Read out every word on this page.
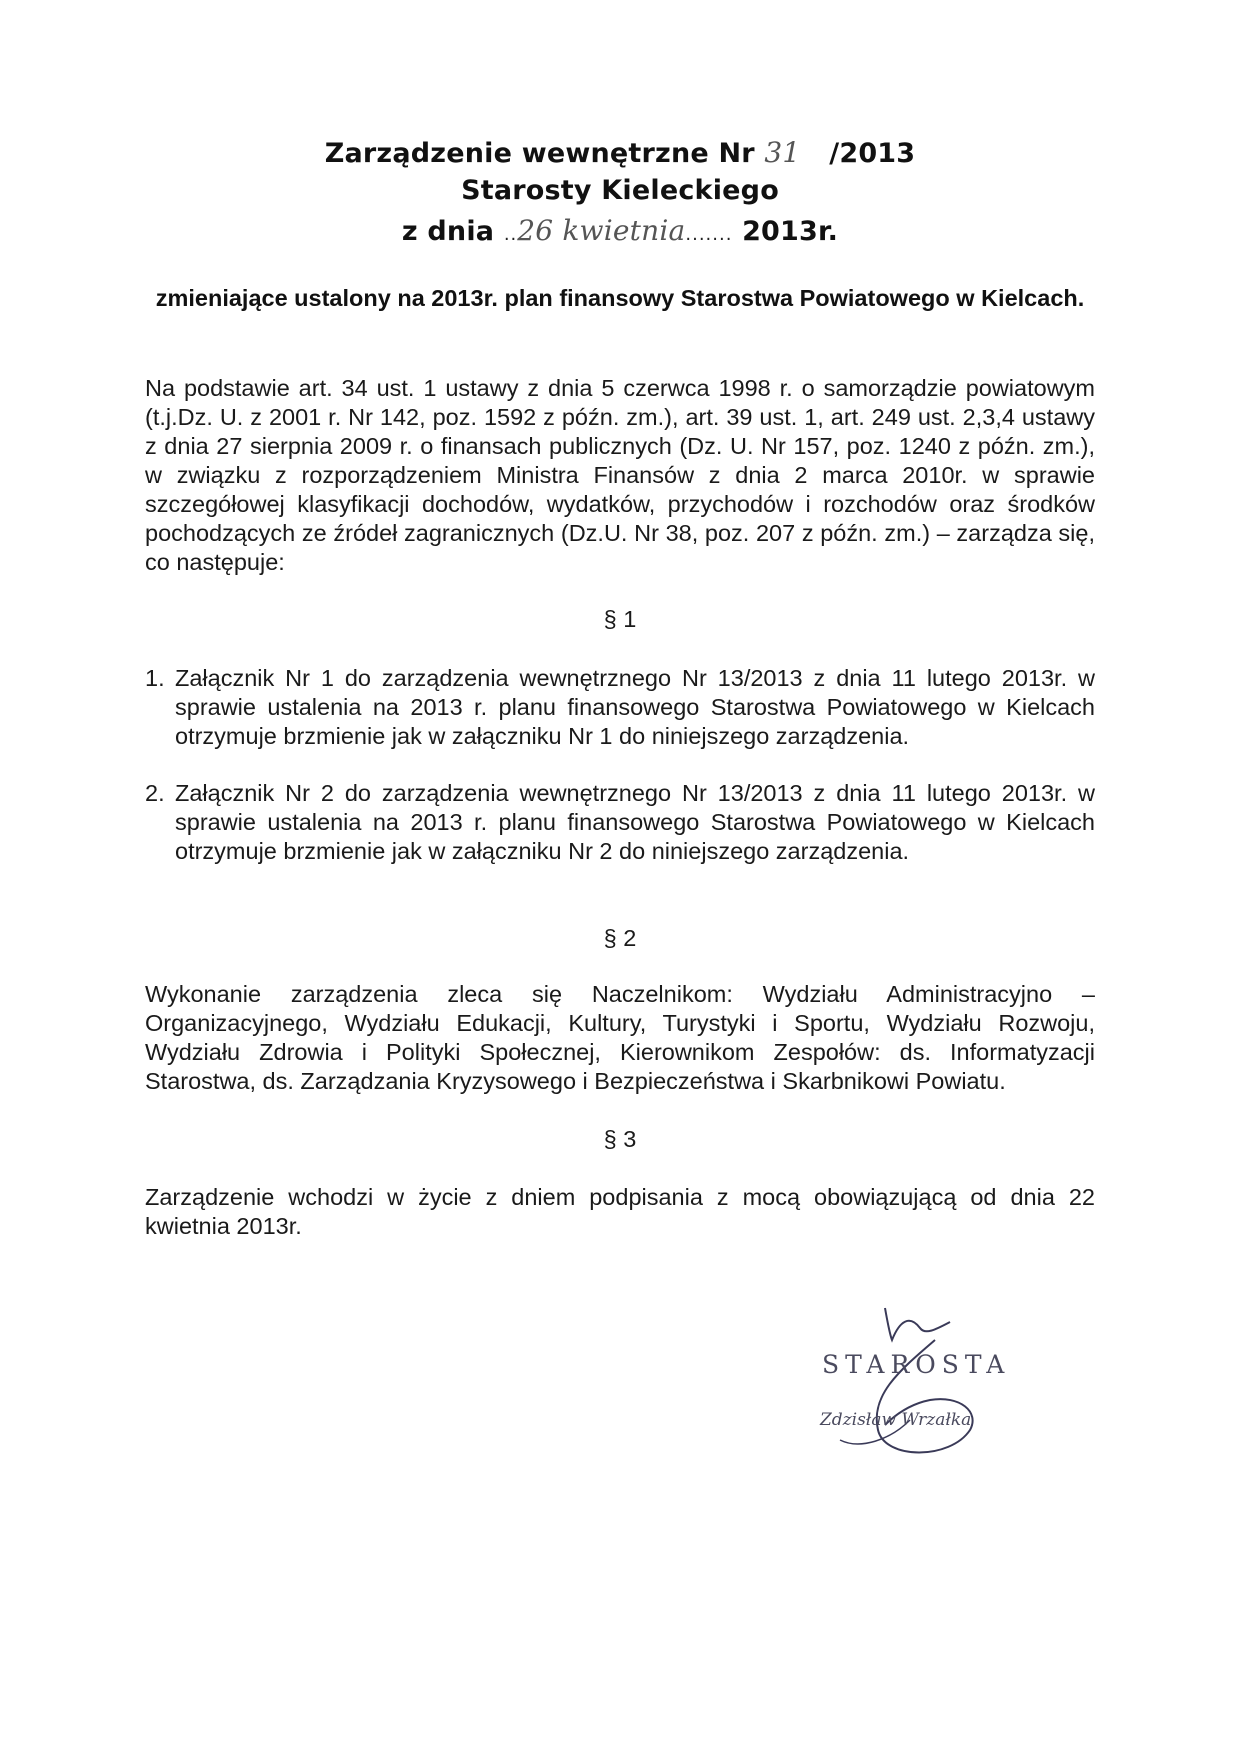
Zarządzenie wewnętrzne Nr 31 /2013
Starosty Kieleckiego
z dnia ..26 kwietnia....... 2013r.
zmieniające ustalony na 2013r. plan finansowy Starostwa Powiatowego w Kielcach.
Na podstawie art. 34 ust. 1 ustawy z dnia 5 czerwca 1998 r. o samorządzie powiatowym (t.j.Dz. U. z 2001 r. Nr 142, poz. 1592 z późn. zm.), art. 39 ust. 1, art. 249 ust. 2,3,4 ustawy z dnia 27 sierpnia 2009 r. o finansach publicznych (Dz. U. Nr 157, poz. 1240 z późn. zm.), w związku z rozporządzeniem Ministra Finansów z dnia 2 marca 2010r. w sprawie szczegółowej klasyfikacji dochodów, wydatków, przychodów i rozchodów oraz środków pochodzących ze źródeł zagranicznych (Dz.U. Nr 38, poz. 207 z późn. zm.) – zarządza się, co następuje:
§ 1
1. Załącznik Nr 1 do zarządzenia wewnętrznego Nr 13/2013 z dnia 11 lutego 2013r. w sprawie ustalenia na 2013 r. planu finansowego Starostwa Powiatowego w Kielcach otrzymuje brzmienie jak w załączniku Nr 1 do niniejszego zarządzenia.
2. Załącznik Nr 2 do zarządzenia wewnętrznego Nr 13/2013 z dnia 11 lutego 2013r. w sprawie ustalenia na 2013 r. planu finansowego Starostwa Powiatowego w Kielcach otrzymuje brzmienie jak w załączniku Nr 2 do niniejszego zarządzenia.
§ 2
Wykonanie zarządzenia zleca się Naczelnikom: Wydziału Administracyjno – Organizacyjnego, Wydziału Edukacji, Kultury, Turystyki i Sportu, Wydziału Rozwoju, Wydziału Zdrowia i Polityki Społecznej, Kierownikom Zespołów: ds. Informatyzacji Starostwa, ds. Zarządzania Kryzysowego i Bezpieczeństwa i Skarbnikowi Powiatu.
§ 3
Zarządzenie wchodzi w życie z dniem podpisania z mocą obowiązującą od dnia 22 kwietnia 2013r.
STAROSTA
Zdzisław Wrzałka
